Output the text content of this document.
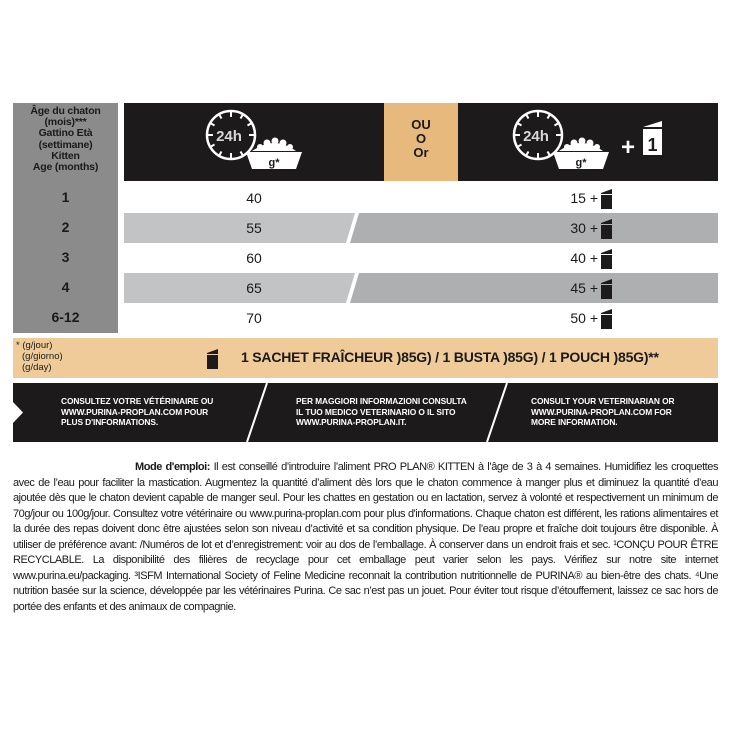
Âge du chaton
(mois)***
Gattino Età
(settimane)
Kitten
Age (months)
24h
g*
OU
O
Or
24h
g*
+ 1
1	40	15 +
2	55	30 +
3	60	40 +
4	65	45 +
6-12	70	50 +
* (g/jour)
(g/giorno)
(g/day)
1 SACHET FRAÎCHEUR )85G) / 1 BUSTA )85G) / 1 POUCH )85G)**
CONSULTEZ VOTRE VÉTÉRINAIRE OU
WWW.PURINA-PROPLAN.COM POUR
PLUS D'INFORMATIONS.
PER MAGGIORI INFORMAZIONI CONSULTA
IL TUO MEDICO VETERINARIO O IL SITO
WWW.PURINA-PROPLAN.IT.
CONSULT YOUR VETERINARIAN OR
WWW.PURINA-PROPLAN.COM FOR
MORE INFORMATION.

Mode d'emploi: Il est conseillé d’introduire l’aliment PRO PLAN® KITTEN à l’âge de 3 à 4 semaines. Humidifiez les croquettes avec de l’eau pour faciliter la mastication. Augmentez la quantité d’aliment dès lors que le chaton commence à manger plus et diminuez la quantité d’eau ajoutée dès que le chaton devient capable de manger seul. Pour les chattes en gestation ou en lactation, servez à volonté et respectivement un minimum de 70g/jour ou 100g/jour. Consultez votre vétérinaire ou www.purina-proplan.com pour plus d'informations. Chaque chaton est différent, les rations alimentaires et la durée des repas doivent donc être ajustées selon son niveau d’activité et sa condition physique. De l’eau propre et fraîche doit toujours être disponible. À utiliser de préférence avant: /Numéros de lot et d’enregistrement: voir au dos de l’emballage. À conserver dans un endroit frais et sec. ¹CONÇU POUR ÊTRE RECYCLABLE. La disponibilité des filières de recyclage pour cet emballage peut varier selon les pays. Vérifiez sur notre site internet www.purina.eu/packaging. ³ISFM International Society of Feline Medicine reconnait la contribution nutritionnelle de PURINA® au bien-être des chats. ⁴Une nutrition basée sur la science, développée par les vétérinaires Purina. Ce sac n’est pas un jouet. Pour éviter tout risque d’étouffement, laissez ce sac hors de portée des enfants et des animaux de compagnie.
